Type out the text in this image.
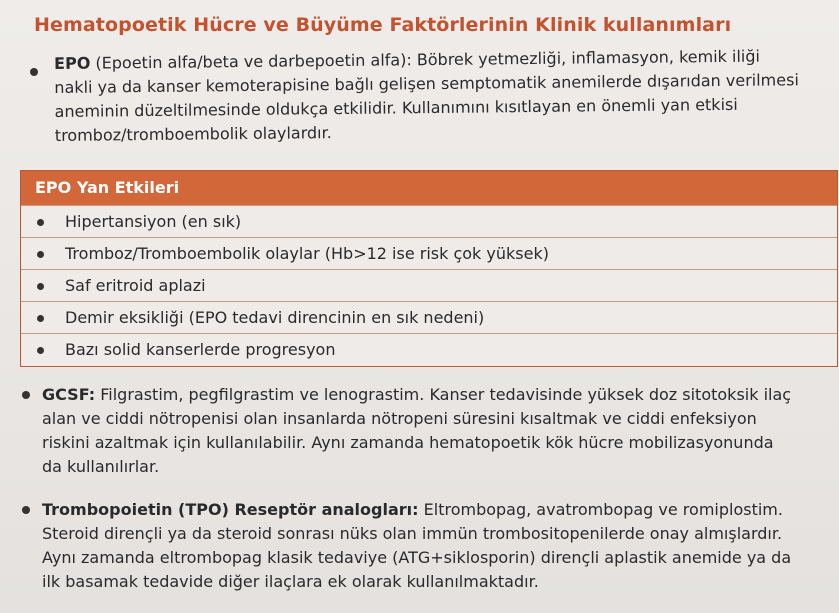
Hematopoetik Hücre ve Büyüme Faktörlerinin Klinik kullanımları
EPO (Epoetin alfa/beta ve darbepoetin alfa): Böbrek yetmezliği, inflamasyon, kemik iliği
nakli ya da kanser kemoterapisine bağlı gelişen semptomatik anemilerde dışarıdan verilmesi
aneminin düzeltilmesinde oldukça etkilidir. Kullanımını kısıtlayan en önemli yan etkisi
tromboz/tromboembolik olaylardır.
EPO Yan Etkileri
Hipertansiyon (en sık)
Tromboz/Tromboembolik olaylar (Hb>12 ise risk çok yüksek)
Saf eritroid aplazi
Demir eksikliği (EPO tedavi direncinin en sık nedeni)
Bazı solid kanserlerde progresyon
GCSF: Filgrastim, pegfilgrastim ve lenograstim. Kanser tedavisinde yüksek doz sitotoksik ilaç
alan ve ciddi nötropenisi olan insanlarda nötropeni süresini kısaltmak ve ciddi enfeksiyon
riskini azaltmak için kullanılabilir. Aynı zamanda hematopoetik kök hücre mobilizasyonunda
da kullanılırlar.
Trombopoietin (TPO) Reseptör analogları: Eltrombopag, avatrombopag ve romiplostim.
Steroid dirençli ya da steroid sonrası nüks olan immün trombositopenilerde onay almışlardır.
Aynı zamanda eltrombopag klasik tedaviye (ATG+siklosporin) dirençli aplastik anemide ya da
ilk basamak tedavide diğer ilaçlara ek olarak kullanılmaktadır.
